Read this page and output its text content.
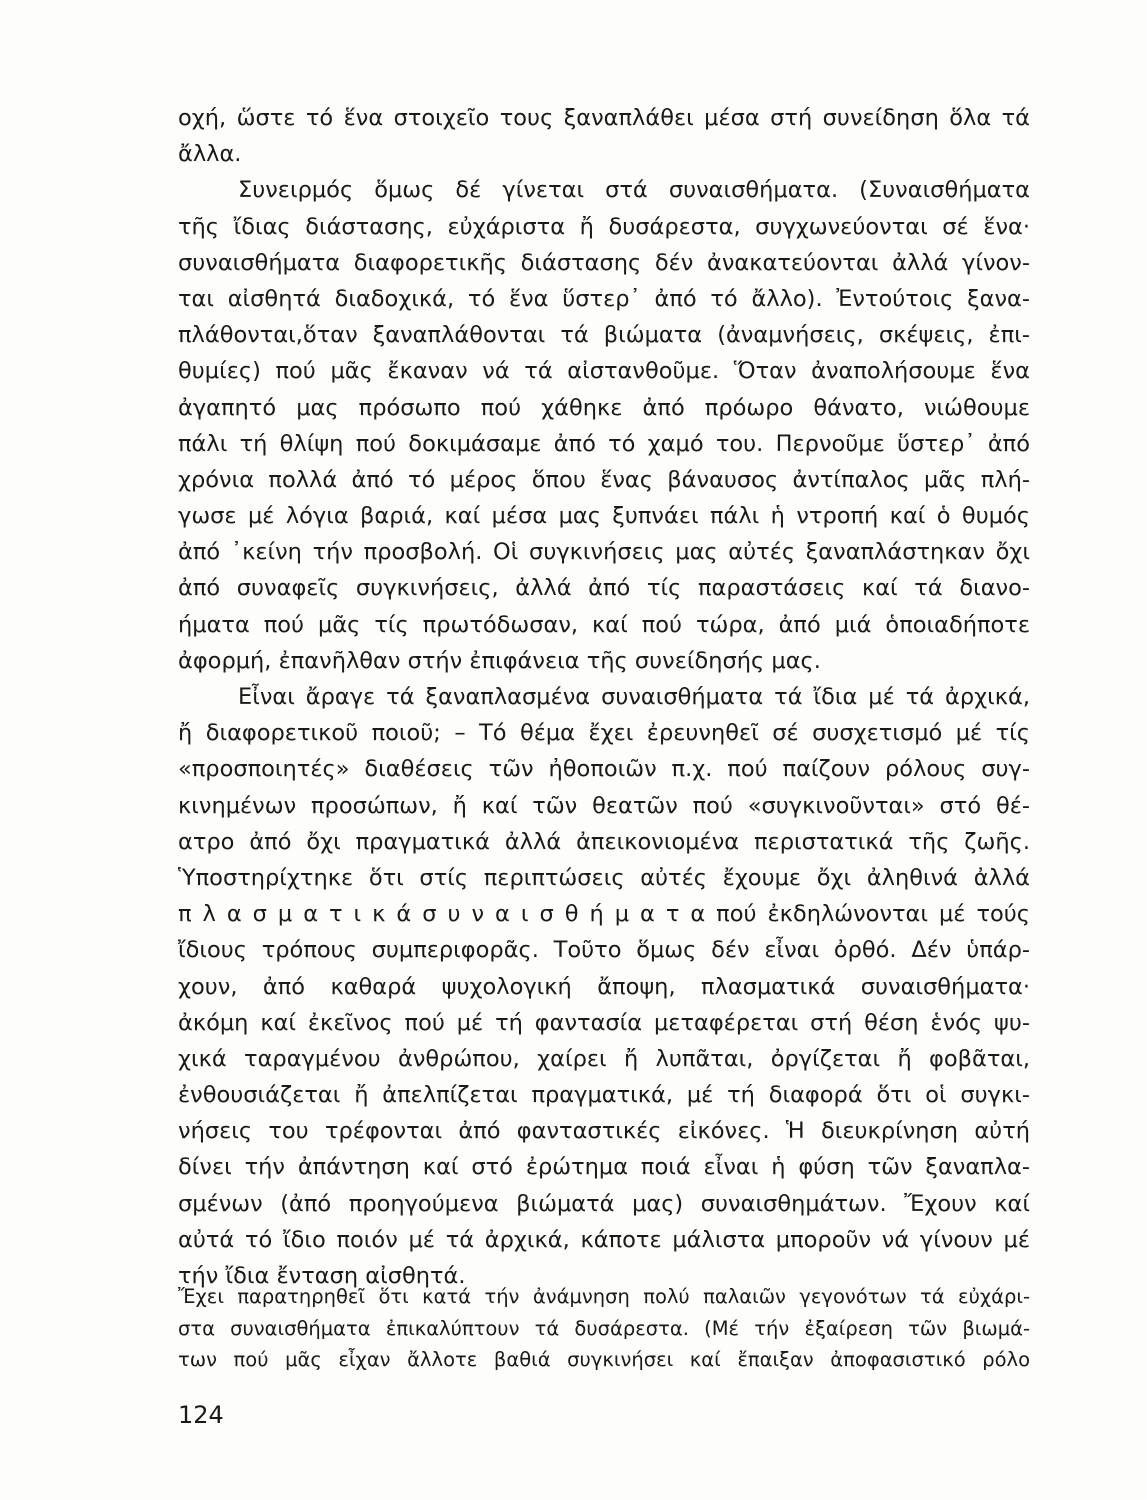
οχή, ὥστε τό ἕνα στοιχεῖο τους ξαναπλάθει μέσα στή συνείδηση ὅλα τά
ἄλλα.
Συνειρμός ὅμως δέ γίνεται στά συναισθήματα. (Συναισθήματα
τῆς ἴδιας διάστασης, εὐχάριστα ἤ δυσάρεστα, συγχωνεύονται σέ ἕνα·
συναισθήματα διαφορετικῆς διάστασης δέν ἀνακατεύονται ἀλλά γίνον-
ται αἰσθητά διαδοχικά, τό ἕνα ὕστερ᾽ ἀπό τό ἄλλο). Ἐντούτοις ξανα-
πλάθονται,ὅταν ξαναπλάθονται τά βιώματα (ἀναμνήσεις, σκέψεις, ἐπι-
θυμίες) πού μᾶς ἔκαναν νά τά αἰστανθοῦμε. Ὅταν ἀναπολήσουμε ἕνα
ἀγαπητό μας πρόσωπο πού χάθηκε ἀπό πρόωρο θάνατο, νιώθουμε
πάλι τή θλίψη πού δοκιμάσαμε ἀπό τό χαμό του. Περνοῦμε ὕστερ᾽ ἀπό
χρόνια πολλά ἀπό τό μέρος ὅπου ἕνας βάναυσος ἀντίπαλος μᾶς πλή-
γωσε μέ λόγια βαριά, καί μέσα μας ξυπνάει πάλι ἡ ντροπή καί ὁ θυμός
ἀπό ᾽κείνη τήν προσβολή. Οἱ συγκινήσεις μας αὐτές ξαναπλάστηκαν ὄχι
ἀπό συναφεῖς συγκινήσεις, ἀλλά ἀπό τίς παραστάσεις καί τά διανο-
ήματα πού μᾶς τίς πρωτόδωσαν, καί πού τώρα, ἀπό μιά ὁποιαδήποτε
ἀφορμή, ἐπανῆλθαν στήν ἐπιφάνεια τῆς συνείδησής μας.
Εἶναι ἄραγε τά ξαναπλασμένα συναισθήματα τά ἴδια μέ τά ἀρχικά,
ἤ διαφορετικοῦ ποιοῦ; – Τό θέμα ἔχει ἐρευνηθεῖ σέ συσχετισμό μέ τίς
«προσποιητές» διαθέσεις τῶν ἠθοποιῶν π.χ. πού παίζουν ρόλους συγ-
κινημένων προσώπων, ἤ καί τῶν θεατῶν πού «συγκινοῦνται» στό θέ-
ατρο ἀπό ὄχι πραγματικά ἀλλά ἀπεικονιομένα περιστατικά τῆς ζωῆς.
Ὑποστηρίχτηκε ὅτι στίς περιπτώσεις αὐτές ἔχουμε ὄχι ἀληθινά ἀλλά
π λ α σ μ α τ ι κ ά σ υ ν α ι σ θ ή μ α τ α πού ἐκδηλώνονται μέ τούς
ἴδιους τρόπους συμπεριφορᾶς. Τοῦτο ὅμως δέν εἶναι ὀρθό. Δέν ὑπάρ-
χουν, ἀπό καθαρά ψυχολογική ἄποψη, πλασματικά συναισθήματα·
ἀκόμη καί ἐκεῖνος πού μέ τή φαντασία μεταφέρεται στή θέση ἑνός ψυ-
χικά ταραγμένου ἀνθρώπου, χαίρει ἤ λυπᾶται, ὀργίζεται ἤ φοβᾶται,
ἐνθουσιάζεται ἤ ἀπελπίζεται πραγματικά, μέ τή διαφορά ὅτι οἱ συγκι-
νήσεις του τρέφονται ἀπό φανταστικές εἰκόνες. Ἡ διευκρίνηση αὐτή
δίνει τήν ἀπάντηση καί στό ἐρώτημα ποιά εἶναι ἡ φύση τῶν ξαναπλα-
σμένων (ἀπό προηγούμενα βιώματά μας) συναισθημάτων. Ἔχουν καί
αὐτά τό ἴδιο ποιόν μέ τά ἀρχικά, κάποτε μάλιστα μποροῦν νά γίνουν μέ
τήν ἴδια ἔνταση αἰσθητά.
Ἔχει παρατηρηθεῖ ὅτι κατά τήν ἀνάμνηση πολύ παλαιῶν γεγονότων τά εὐχάρι-
στα συναισθήματα ἐπικαλύπτουν τά δυσάρεστα. (Μέ τήν ἐξαίρεση τῶν βιωμά-
των πού μᾶς εἶχαν ἄλλοτε βαθιά συγκινήσει καί ἔπαιξαν ἀποφασιστικό ρόλο
124
